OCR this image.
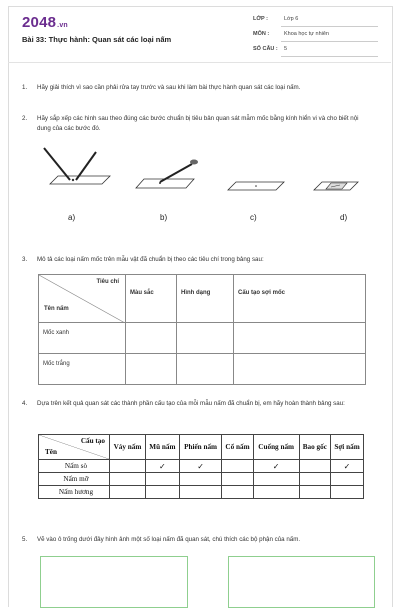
2048.vn
Bài 33: Thực hành: Quan sát các loại nấm
LỚP :	Lớp 6
MÔN :	Khoa học tự nhiên
SỐ CÂU :	5
1. Hãy giải thích vì sao cần phải rửa tay trước và sau khi làm bài thực hành quan sát các loại nấm.
2. Hãy sắp xếp các hình sau theo đúng các bước chuẩn bị tiêu bản quan sát mẫm mốc bằng kính hiển vi và cho biết nội dung của các bước đó.
a)	b)	c)	d)
3. Mô tả các loại nấm mốc trên mẫu vật đã chuẩn bị theo các tiêu chí trong bảng sau:
Tiêu chí
Tên nấm	Màu sắc	Hình dạng	Cấu tạo sợi mốc
Mốc xanh			
Mốc trắng			
4. Dựa trên kết quả quan sát các thành phần cấu tạo của mỗi mẫu nấm đã chuẩn bị, em hãy hoàn thành bảng sau:
Cấu tạo
Tên	Vảy nấm	Mũ nấm	Phiến nấm	Cổ nấm	Cuống nấm	Bao gốc	Sợi nấm
Nấm sò		✓	✓		✓		✓
Nấm mỡ							
Nấm hương							
5. Vẽ vào ô trống dưới đây hình ảnh một số loại nấm đã quan sát, chú thích các bộ phận của nấm.
